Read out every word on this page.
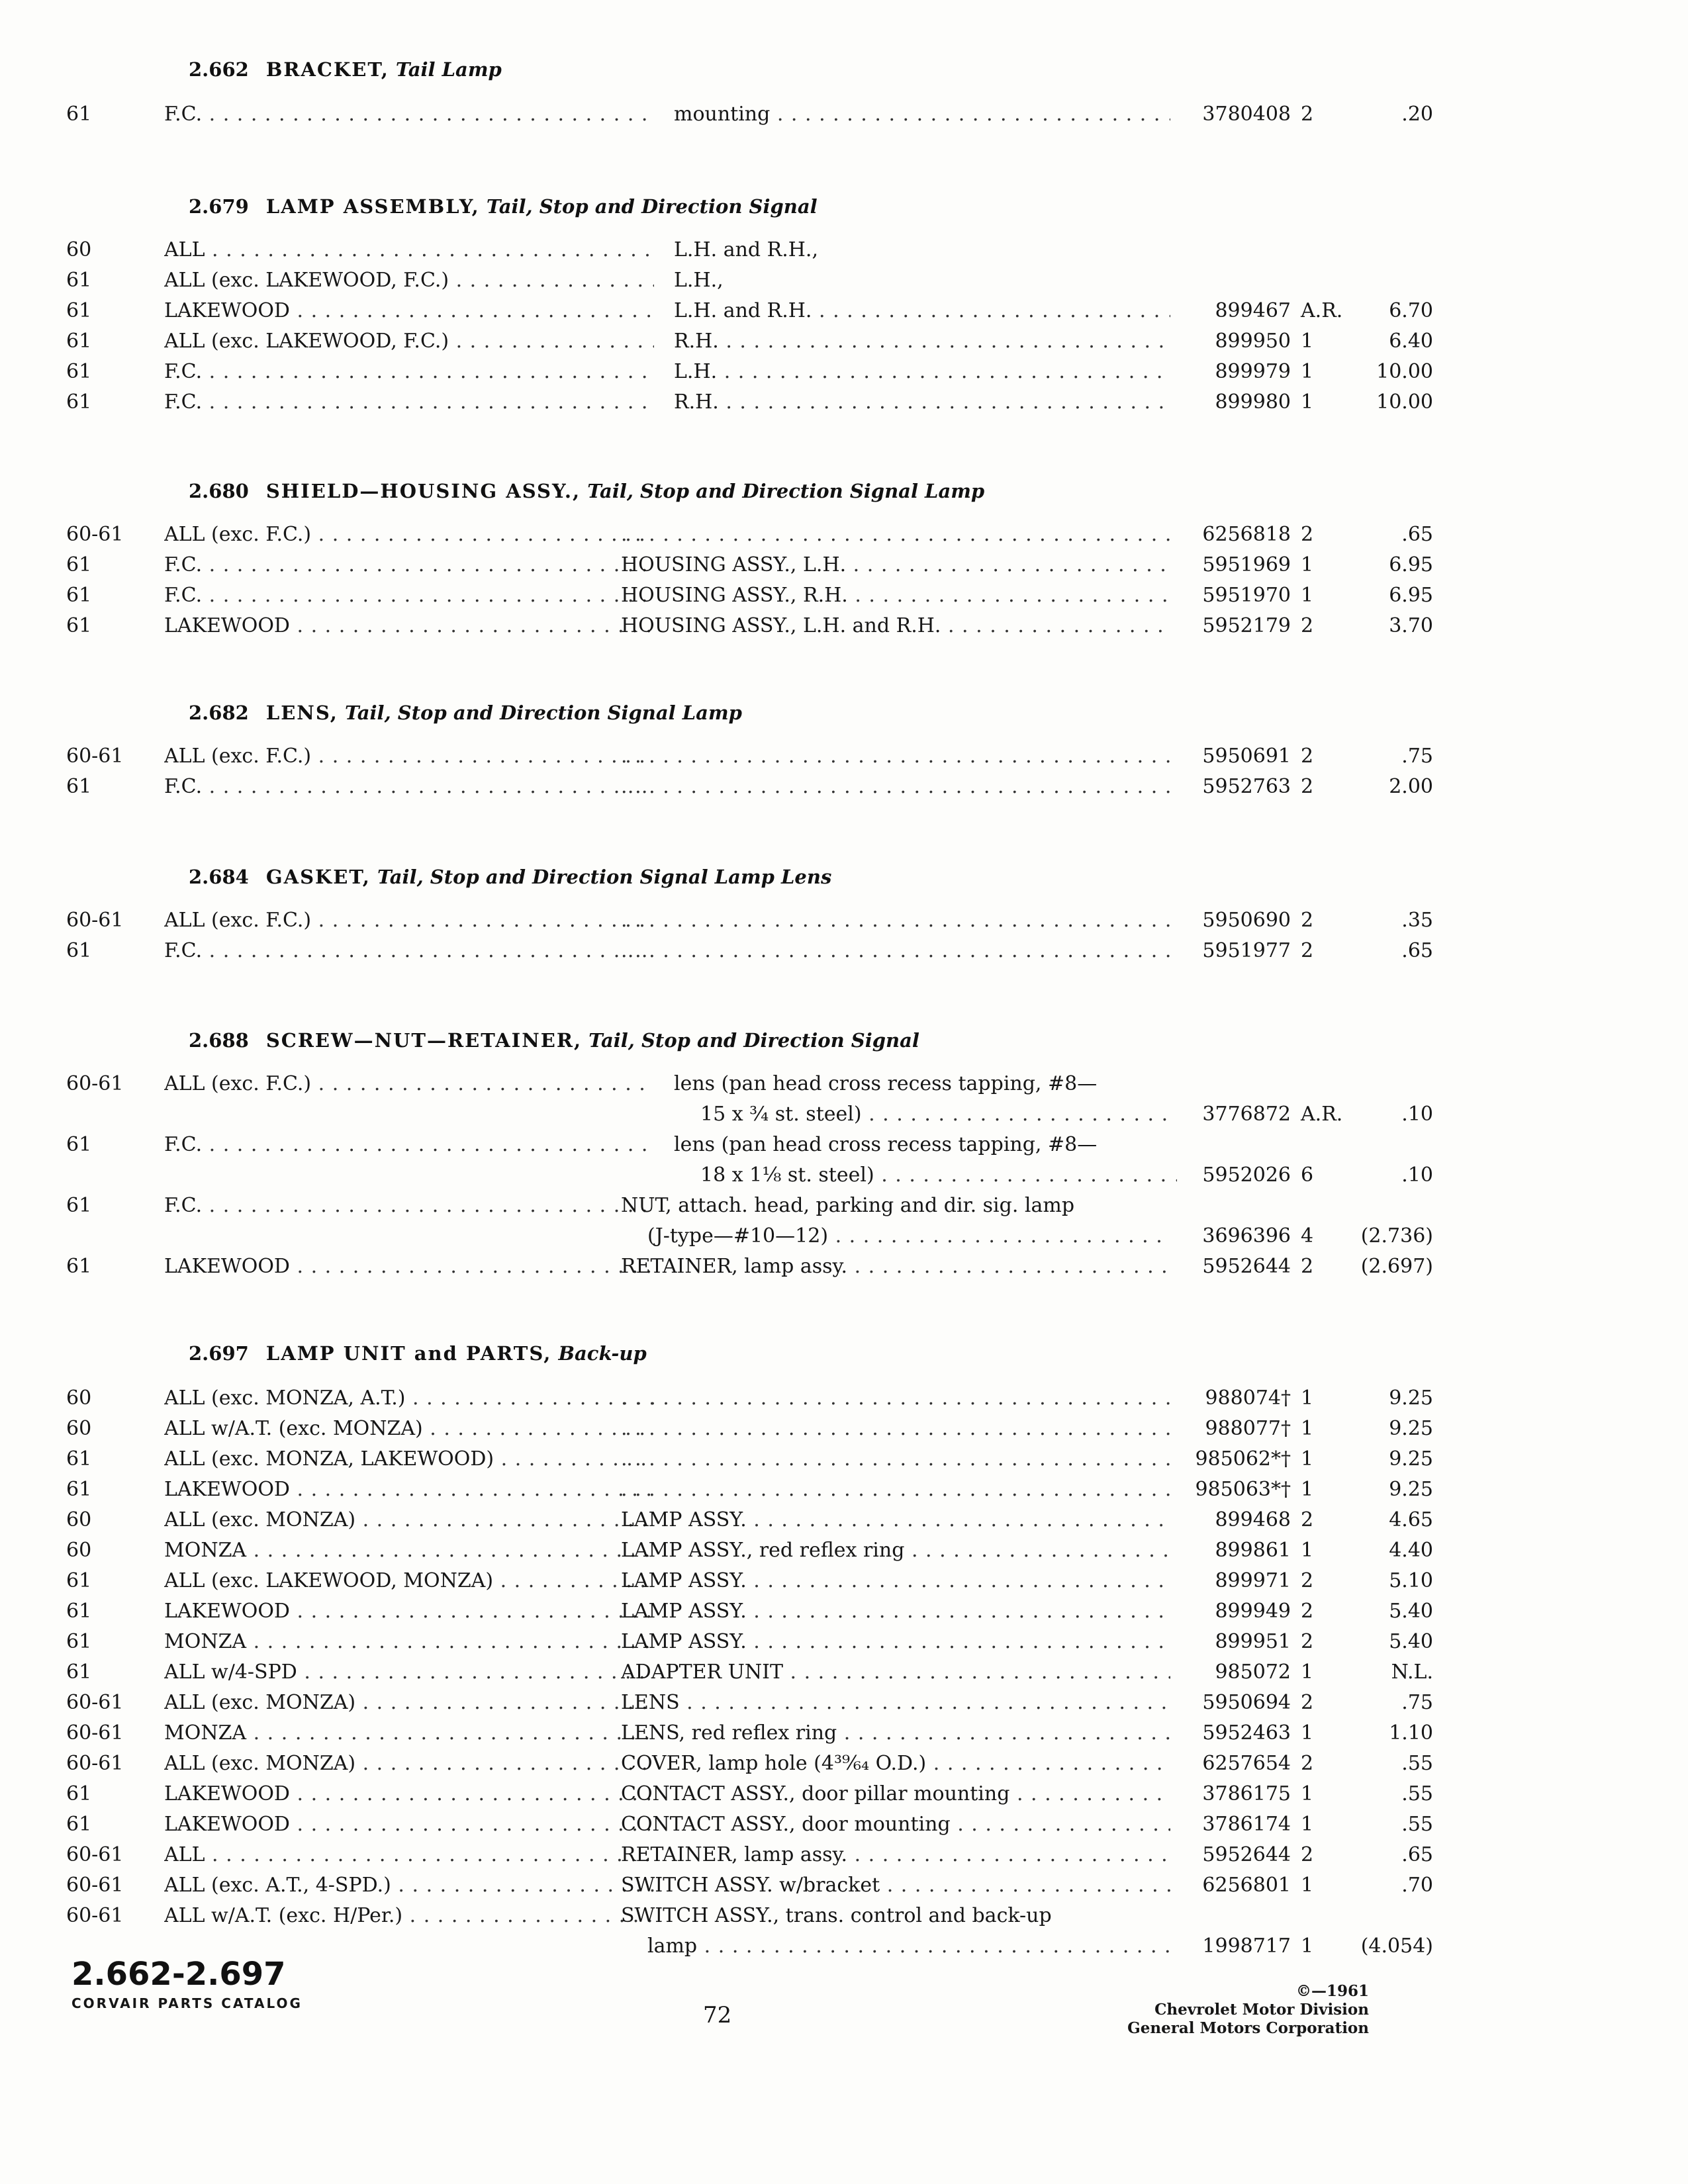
2.662 BRACKET, Tail Lamp
61	F.C. . . .	mounting . . .	3780408 2	.20
2.679 LAMP ASSEMBLY, Tail, Stop and Direction Signal
60	ALL . . .	L.H. and R.H.,
61	ALL (exc. LAKEWOOD, F.C.) . . .	L.H.,
61	LAKEWOOD . . .	L.H. and R.H. . . .	899467 A.R.	6.70
61	ALL (exc. LAKEWOOD, F.C.) . . .	R.H. . . .	899950 1	6.40
61	F.C. . . .	L.H. . . .	899979 1	10.00
61	F.C. . . .	R.H. . . .	899980 1	10.00
2.680 SHIELD—HOUSING ASSY., Tail, Stop and Direction Signal Lamp
60-61	ALL (exc. F.C.) . . . . . .	6256818 2	.65
61	F.C. . . .	HOUSING ASSY., L.H. . . .	5951969 1	6.95
61	F.C. . . .	HOUSING ASSY., R.H. . . .	5951970 1	6.95
61	LAKEWOOD . . .	HOUSING ASSY., L.H. and R.H. . . .	5952179 2	3.70
2.682 LENS, Tail, Stop and Direction Signal Lamp
60-61	ALL (exc. F.C.) . . . . . .	5950691 2	.75
61	F.C. . . . . . .	5952763 2	2.00
2.684 GASKET, Tail, Stop and Direction Signal Lamp Lens
60-61	ALL (exc. F.C.) . . . . . .	5950690 2	.35
61	F.C. . . . . . .	5951977 2	.65
2.688 SCREW—NUT—RETAINER, Tail, Stop and Direction Signal
60-61	ALL (exc. F.C.) . . .	lens (pan head cross recess tapping, #8—
15 x ¾ st. steel) . . .	3776872 A.R.	.10
61	F.C. . . .	lens (pan head cross recess tapping, #8—
18 x 1⅛ st. steel) . . .	5952026 6	.10
61	F.C. . . .	NUT, attach. head, parking and dir. sig. lamp
(J-type—#10—12) . . .	3696396 4	(2.736)
61	LAKEWOOD . . .	RETAINER, lamp assy. . . .	5952644 2	(2.697)
2.697 LAMP UNIT and PARTS, Back-up
60	ALL (exc. MONZA, A.T.) . . . . . .	988074† 1	9.25
60	ALL w/A.T. (exc. MONZA) . . . . . .	988077† 1	9.25
61	ALL (exc. MONZA, LAKEWOOD) . . . . . .	985062*† 1	9.25
61	LAKEWOOD . . . . . .	985063*† 1	9.25
60	ALL (exc. MONZA) . . .	LAMP ASSY. . . .	899468 2	4.65
60	MONZA . . .	LAMP ASSY., red reflex ring . . .	899861 1	4.40
61	ALL (exc. LAKEWOOD, MONZA) . . .	LAMP ASSY. . . .	899971 2	5.10
61	LAKEWOOD . . .	LAMP ASSY. . . .	899949 2	5.40
61	MONZA . . .	LAMP ASSY. . . .	899951 2	5.40
61	ALL w/4-SPD . . .	ADAPTER UNIT . . .	985072 1	N.L.
60-61	ALL (exc. MONZA) . . .	LENS . . .	5950694 2	.75
60-61	MONZA . . .	LENS, red reflex ring . . .	5952463 1	1.10
60-61	ALL (exc. MONZA) . . .	COVER, lamp hole (4³⁹⁄₆₄ O.D.) . . .	6257654 2	.55
61	LAKEWOOD . . .	CONTACT ASSY., door pillar mounting . . .	3786175 1	.55
61	LAKEWOOD . . .	CONTACT ASSY., door mounting . . .	3786174 1	.55
60-61	ALL . . .	RETAINER, lamp assy. . . .	5952644 2	.65
60-61	ALL (exc. A.T., 4-SPD.) . . .	SWITCH ASSY. w/bracket . . .	6256801 1	.70
60-61	ALL w/A.T. (exc. H/Per.) . . .	SWITCH ASSY., trans. control and back-up
lamp . . .	1998717 1	(4.054)
2.662-2.697
CORVAIR PARTS CATALOG	72
©—1961
Chevrolet Motor Division
General Motors Corporation
